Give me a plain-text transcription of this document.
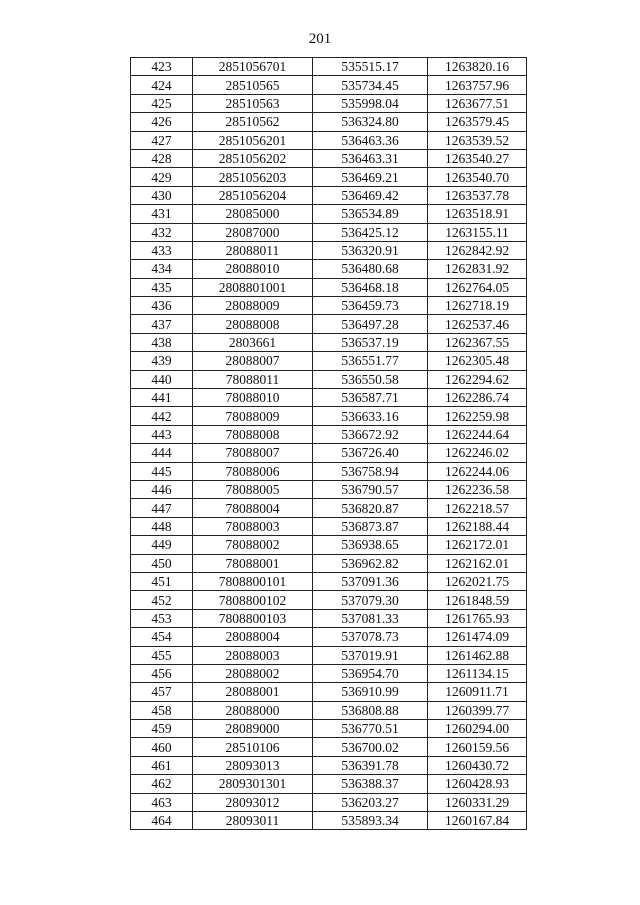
201
423	2851056701	535515.17	1263820.16
424	28510565	535734.45	1263757.96
425	28510563	535998.04	1263677.51
426	28510562	536324.80	1263579.45
427	2851056201	536463.36	1263539.52
428	2851056202	536463.31	1263540.27
429	2851056203	536469.21	1263540.70
430	2851056204	536469.42	1263537.78
431	28085000	536534.89	1263518.91
432	28087000	536425.12	1263155.11
433	28088011	536320.91	1262842.92
434	28088010	536480.68	1262831.92
435	2808801001	536468.18	1262764.05
436	28088009	536459.73	1262718.19
437	28088008	536497.28	1262537.46
438	2803661	536537.19	1262367.55
439	28088007	536551.77	1262305.48
440	78088011	536550.58	1262294.62
441	78088010	536587.71	1262286.74
442	78088009	536633.16	1262259.98
443	78088008	536672.92	1262244.64
444	78088007	536726.40	1262246.02
445	78088006	536758.94	1262244.06
446	78088005	536790.57	1262236.58
447	78088004	536820.87	1262218.57
448	78088003	536873.87	1262188.44
449	78088002	536938.65	1262172.01
450	78088001	536962.82	1262162.01
451	7808800101	537091.36	1262021.75
452	7808800102	537079.30	1261848.59
453	7808800103	537081.33	1261765.93
454	28088004	537078.73	1261474.09
455	28088003	537019.91	1261462.88
456	28088002	536954.70	1261134.15
457	28088001	536910.99	1260911.71
458	28088000	536808.88	1260399.77
459	28089000	536770.51	1260294.00
460	28510106	536700.02	1260159.56
461	28093013	536391.78	1260430.72
462	2809301301	536388.37	1260428.93
463	28093012	536203.27	1260331.29
464	28093011	535893.34	1260167.84
